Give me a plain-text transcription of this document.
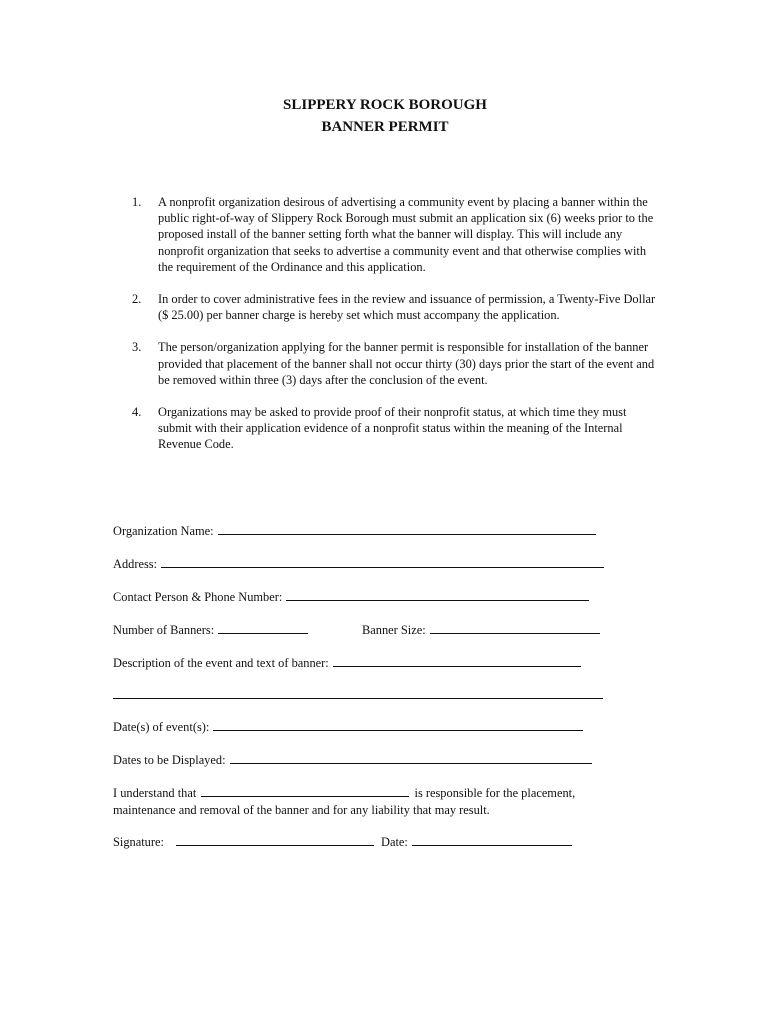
SLIPPERY ROCK BOROUGH
BANNER PERMIT
1.	A nonprofit organization desirous of advertising a community event by placing a banner within the public right-of-way of Slippery Rock Borough must submit an application six (6) weeks prior to the proposed install of the banner setting forth what the banner will display. This will include any nonprofit organization that seeks to advertise a community event and that otherwise complies with the requirement of the Ordinance and this application.
2.	In order to cover administrative fees in the review and issuance of permission, a Twenty-Five Dollar ($ 25.00) per banner charge is hereby set which must accompany the application.
3.	The person/organization applying for the banner permit is responsible for installation of the banner provided that placement of the banner shall not occur thirty (30) days prior the start of the event and be removed within three (3) days after the conclusion of the event.
4.	Organizations may be asked to provide proof of their nonprofit status, at which time they must submit with their application evidence of a nonprofit status within the meaning of the Internal Revenue Code.
Organization Name:
Address:
Contact Person & Phone Number:
Number of Banners:	Banner Size:
Description of the event and text of banner:
Date(s) of event(s):
Dates to be Displayed:
I understand that	is responsible for the placement,
maintenance and removal of the banner and for any liability that may result.
Signature:	Date:
